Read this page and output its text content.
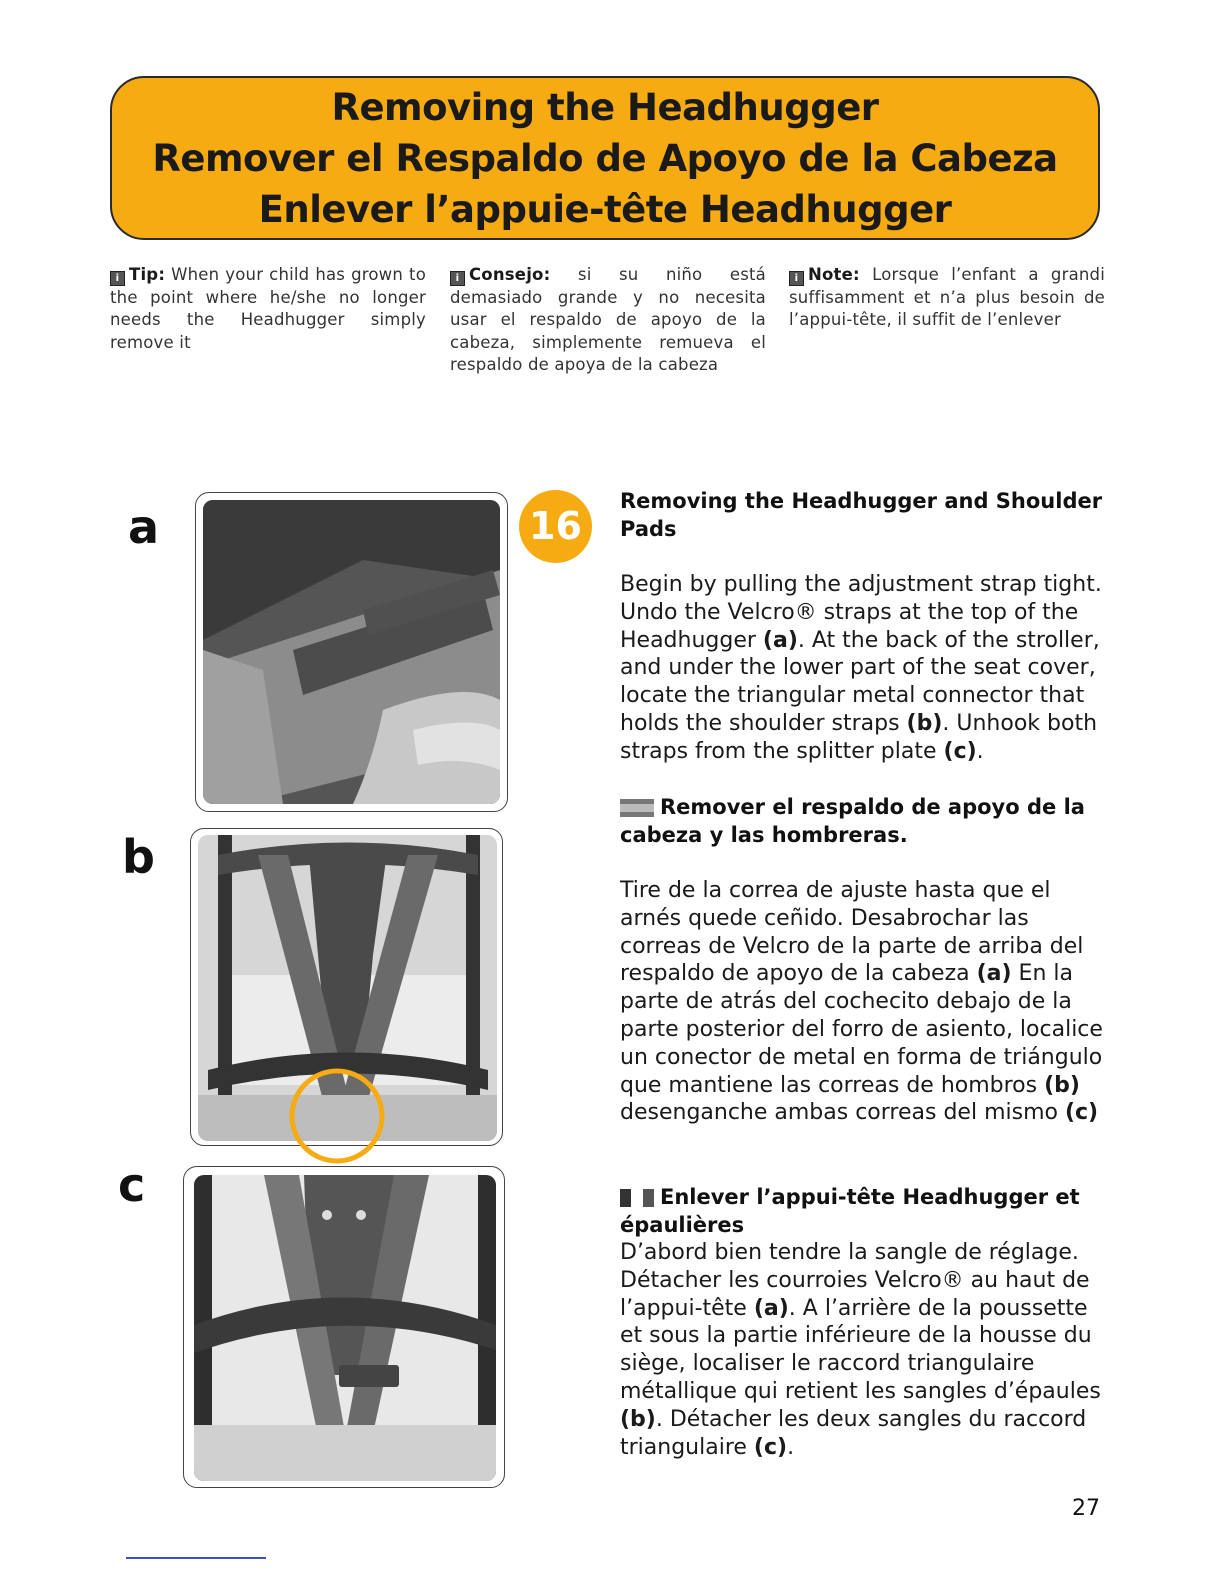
Removing the Headhugger
Remover el Respaldo de Apoyo de la Cabeza
Enlever l’appuie-tête Headhugger
i Tip: When your child has grown to the point where he/she no longer needs the Headhugger simply remove it
i Consejo: si su niño está demasiado grande y no necesita usar el respaldo de apoyo de la cabeza, simplemente remueva el respaldo de apoya de la cabeza
i Note: Lorsque l’enfant a grandi suffisamment et n’a plus besoin de l’appui-tête, il suffit de l’enlever
a
b
c
16
Removing the Headhugger and Shoulder Pads

Begin by pulling the adjustment strap tight. Undo the Velcro® straps at the top of the Headhugger (a). At the back of the stroller, and under the lower part of the seat cover, locate the triangular metal connector that holds the shoulder straps (b). Unhook both straps from the splitter plate (c).

Remover el respaldo de apoyo de la cabeza y las hombreras.

Tire de la correa de ajuste hasta que el arnés quede ceñido. Desabrochar las correas de Velcro de la parte de arriba del respaldo de apoyo de la cabeza (a) En la parte de atrás del cochecito debajo de la parte posterior del forro de asiento, localice un conector de metal en forma de triángulo que mantiene las correas de hombros (b) desenganche ambas correas del mismo (c)

Enlever l’appui-tête Headhugger et épaulières

D’abord bien tendre la sangle de réglage. Détacher les courroies Velcro® au haut de l’appui-tête (a). A l’arrière de la poussette et sous la partie inférieure de la housse du siège, localiser le raccord triangulaire métallique qui retient les sangles d’épaules (b). Détacher les deux sangles du raccord triangulaire (c).

27
